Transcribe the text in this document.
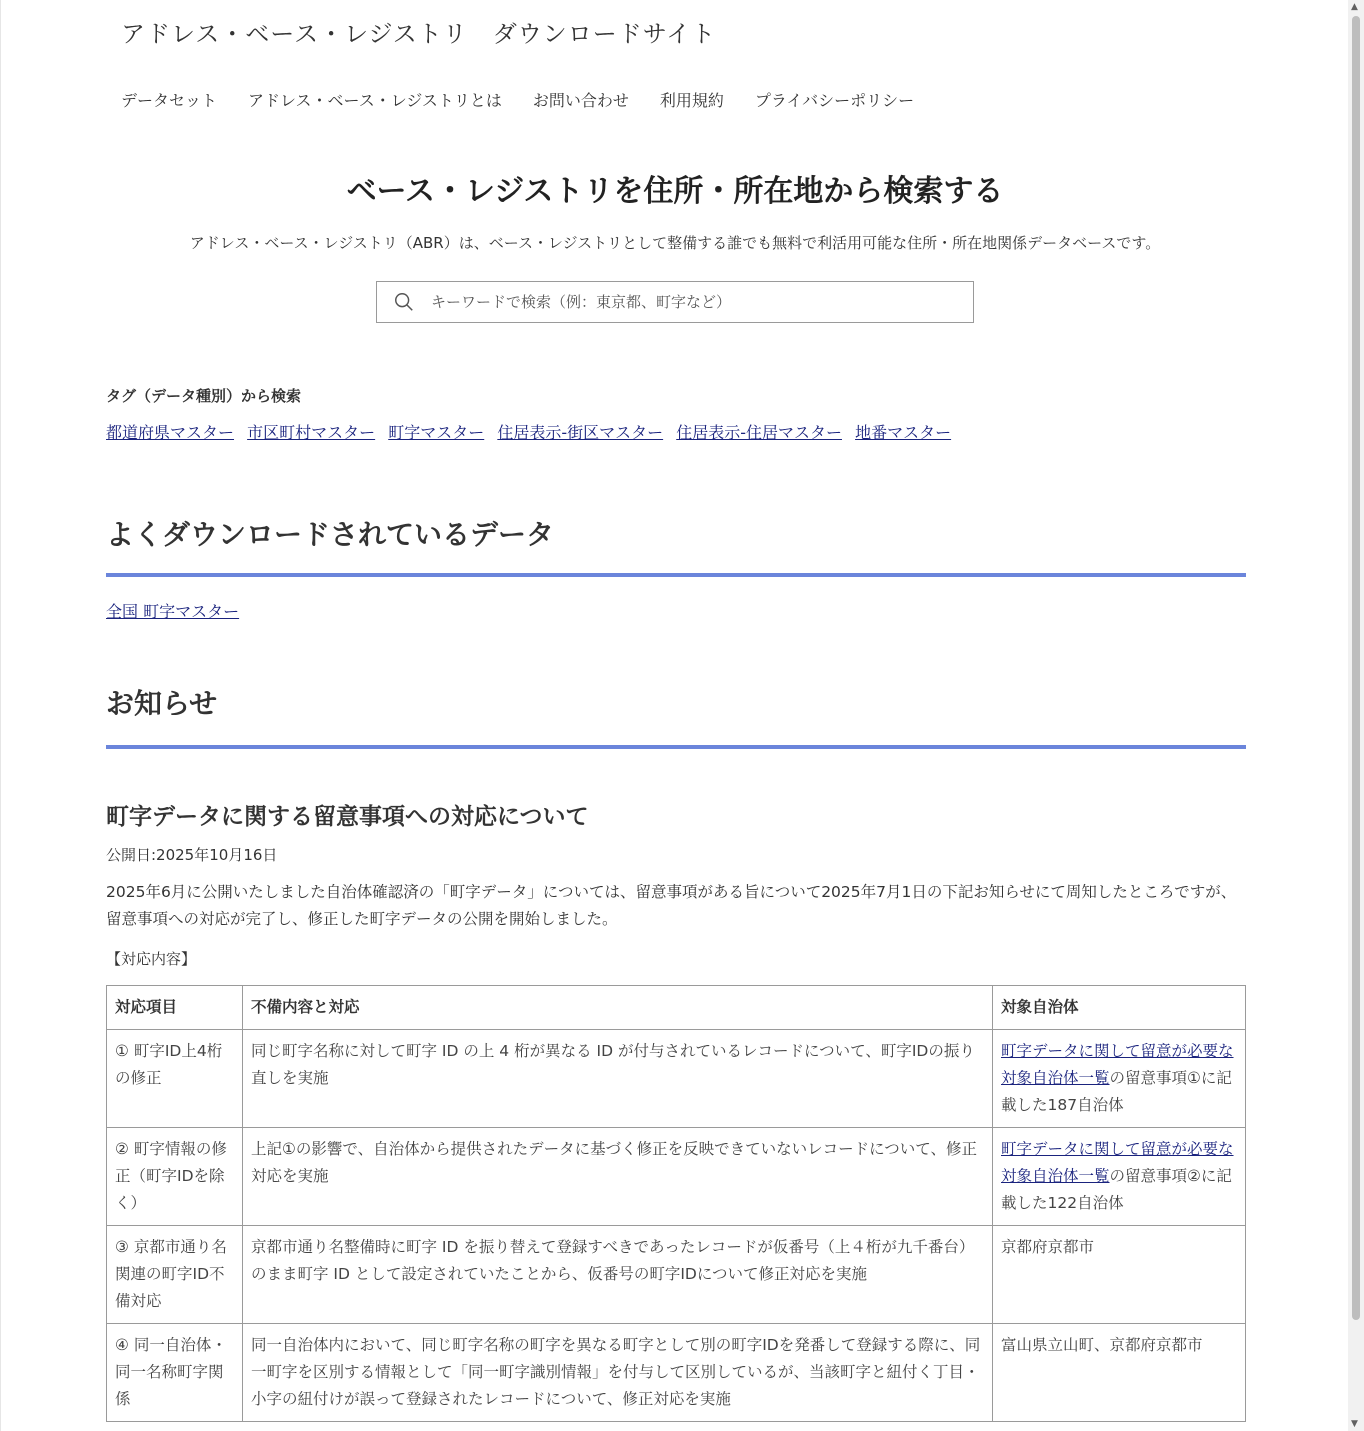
アドレス・ベース・レジストリ　ダウンロードサイト
データセット アドレス・ベース・レジストリとは お問い合わせ 利用規約 プライバシーポリシー
ベース・レジストリを住所・所在地から検索する
アドレス・ベース・レジストリ（ABR）は、ベース・レジストリとして整備する誰でも無料で利活用可能な住所・所在地関係データベースです。
キーワードで検索（例：東京都、町字など）
タグ（データ種別）から検索
都道府県マスター 市区町村マスター 町字マスター 住居表示-街区マスター 住居表示-住居マスター 地番マスター
よくダウンロードされているデータ
全国 町字マスター
お知らせ
町字データに関する留意事項への対応について
公開日:2025年10月16日
2025年6月に公開いたしました自治体確認済の「町字データ」については、留意事項がある旨について2025年7月1日の下記お知らせにて周知したところですが、留意事項への対応が完了し、修正した町字データの公開を開始しました。
【対応内容】
対応項目	不備内容と対応	対象自治体
① 町字ID上4桁の修正	同じ町字名称に対して町字 ID の上 4 桁が異なる ID が付与されているレコードについて、町字IDの振り直しを実施	町字データに関して留意が必要な対象自治体一覧の留意事項①に記載した187自治体
② 町字情報の修正（町字IDを除く）	上記①の影響で、自治体から提供されたデータに基づく修正を反映できていないレコードについて、修正対応を実施	町字データに関して留意が必要な対象自治体一覧の留意事項②に記載した122自治体
③ 京都市通り名関連の町字ID不備対応	京都市通り名整備時に町字 ID を振り替えて登録すべきであったレコードが仮番号（上４桁が九千番台）のまま町字 ID として設定されていたことから、仮番号の町字IDについて修正対応を実施	京都府京都市
④ 同一自治体・同一名称町字関係	同一自治体内において、同じ町字名称の町字を異なる町字として別の町字IDを発番して登録する際に、同一町字を区別する情報として「同一町字識別情報」を付与して区別しているが、当該町字と紐付く丁目・小字の紐付けが誤って登録されたレコードについて、修正対応を実施	富山県立山町、京都府京都市
▲
▼
